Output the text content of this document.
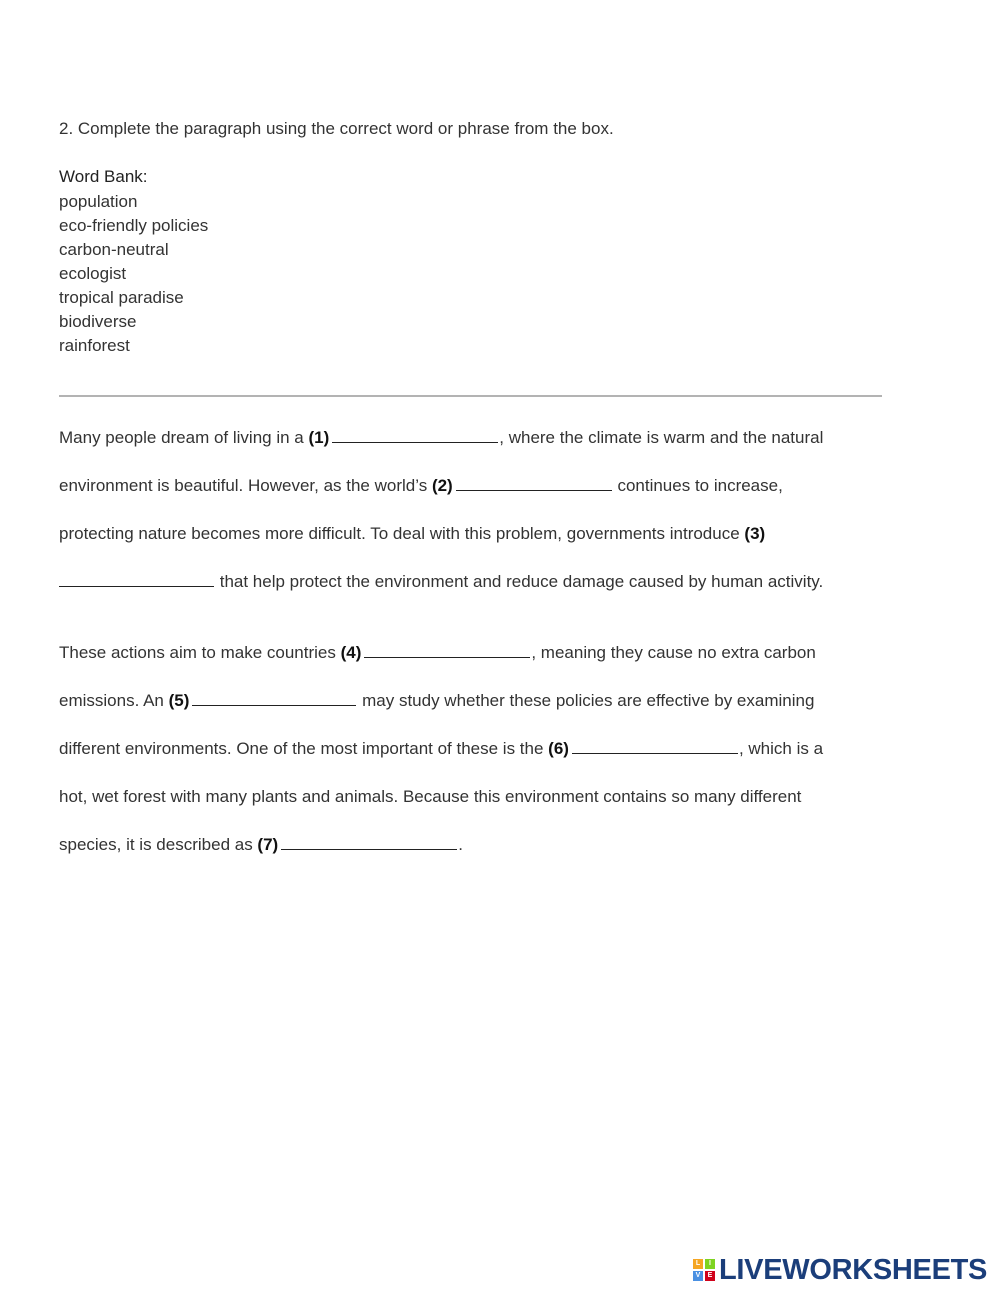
2. Complete the paragraph using the correct word or phrase from the box.

Word Bank:

population
eco-friendly policies
carbon-neutral
ecologist
tropical paradise
biodiverse
rainforest
Many people dream of living in a (1)	, where the climate is warm and the natural
environment is beautiful. However, as the world’s (2)	continues to increase,
protecting nature becomes more difficult. To deal with this problem, governments introduce (3)
that help protect the environment and reduce damage caused by human activity.
These actions aim to make countries (4)	, meaning they cause no extra carbon
emissions. An (5)	may study whether these policies are effective by examining
different environments. One of the most important of these is the (6)	, which is a
hot, wet forest with many plants and animals. Because this environment contains so many different
species, it is described as (7)	.
L	I
V	E LIVEWORKSHEETS
